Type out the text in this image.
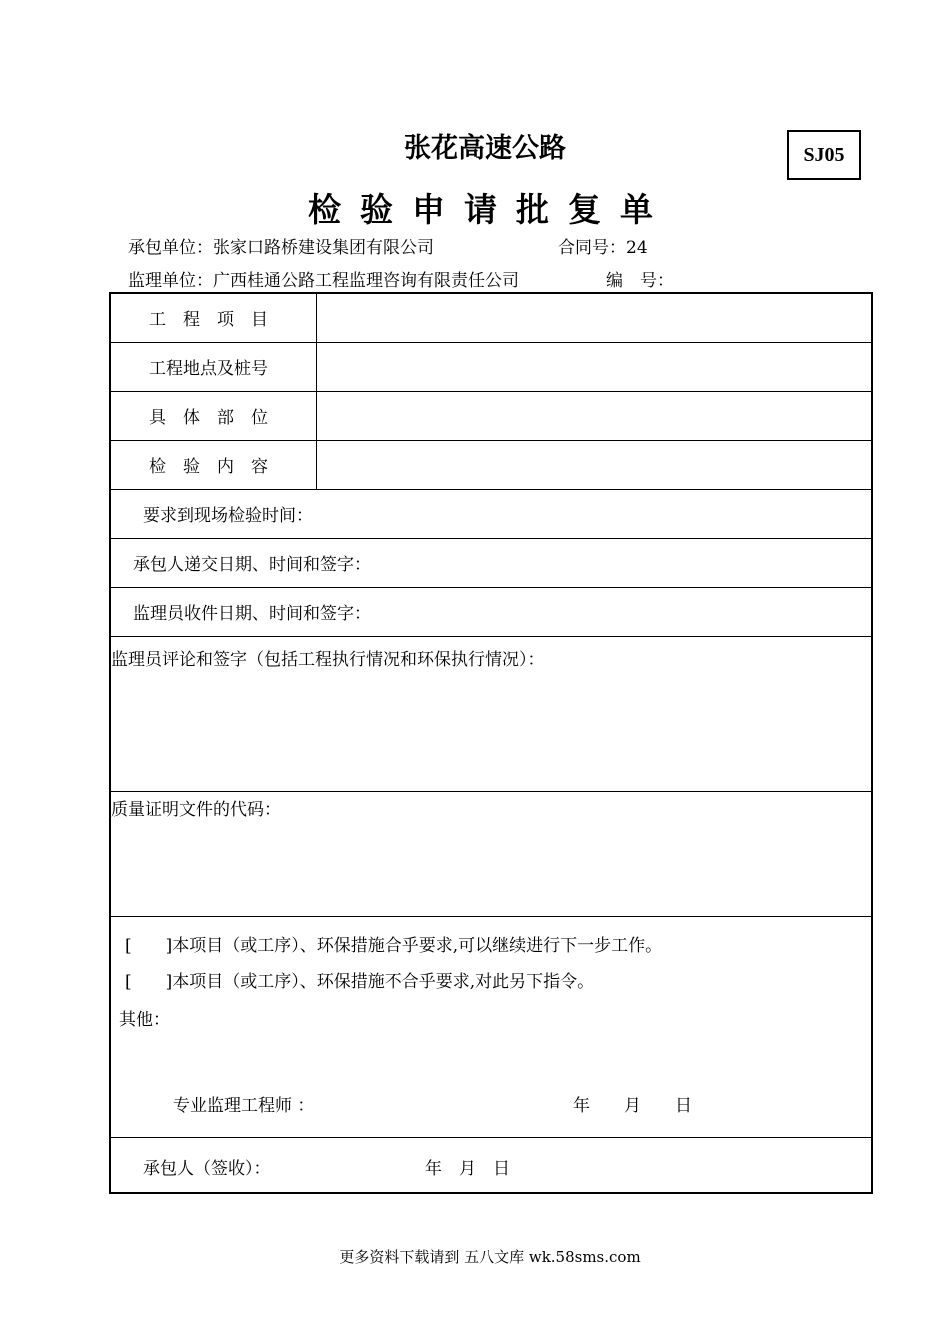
张花高速公路	SJ05
检验申请批复单
承包单位：张家口路桥建设集团有限公司	合同号：24
监理单位：广西桂通公路工程监理咨询有限责任公司	编　号：
工　程　项　目	
工程地点及桩号	
具　体　部　位	
检　验　内　容	
要求到现场检验时间：	
承包人递交日期、时间和签字：	
监理员收件日期、时间和签字：	

监理员评论和签字（包括工程执行情况和环保执行情况）：	

质量证明文件的代码：	

[　　]本项目（或工序）、环保措施合乎要求,可以继续进行下一步工作。
[　　]本项目（或工序）、环保措施不合乎要求,对此另下指令。
其他：
专业监理工程师 ： 年　　月　　日	

承包人（签收）： 年　月　日	
更多资料下载请到 五八文库 wk.58sms.com
